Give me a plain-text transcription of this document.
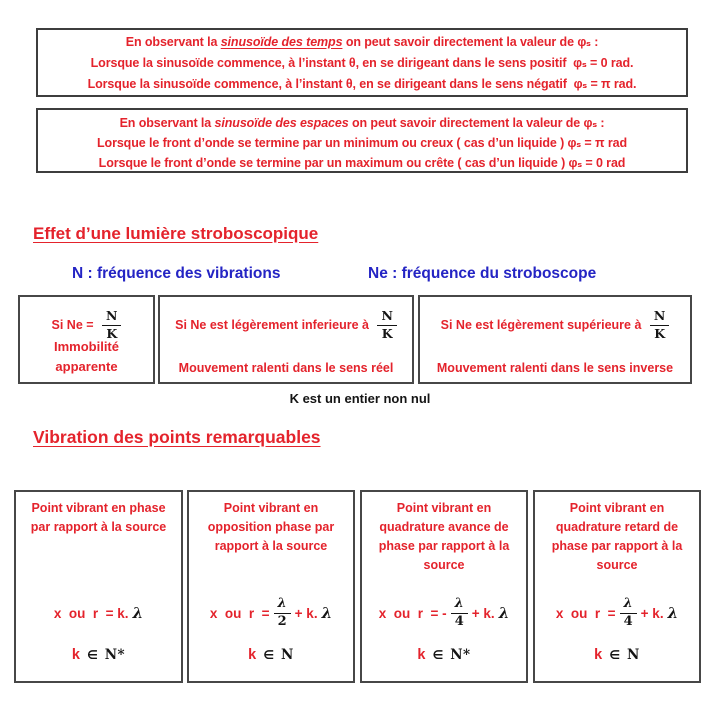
En observant la sinusoïde des temps on peut savoir directement la valeur de φₛ :
Lorsque la sinusoïde commence, à l’instant θ, en se dirigeant dans le sens positif  φₛ = 0 rad.
Lorsque la sinusoïde commence, à l’instant θ, en se dirigeant dans le sens négatif  φₛ = π rad.
En observant la sinusoïde des espaces on peut savoir directement la valeur de φₛ :
Lorsque le front d’onde se termine par un minimum ou creux ( cas d’un liquide ) φₛ = π rad
Lorsque le front d’onde se termine par un maximum ou crête ( cas d’un liquide ) φₛ = 0 rad
Effet d’une lumière stroboscopique
N : fréquence des vibrations	Ne : fréquence du stroboscope
Si $Ne = \frac{N}{K}$
Immobilité
apparente
Si Ne est légèrement inferieure à $\frac{N}{K}$
Mouvement ralenti dans le sens réel
Si Ne est légèrement supérieure à $\frac{N}{K}$
Mouvement ralenti dans le sens inverse
K est un entier non nul
Vibration des points remarquables
Point vibrant en phase par rapport à la source
x  ou  r  = k. λ
k ∈ N*
Point vibrant en opposition phase par rapport à la source
x  ou  $r = \frac{\lambda}{2} + k$. λ
k ∈ N
Point vibrant en quadrature avance de phase par rapport à la source
x  ou  r  = - $\frac{\lambda}{4} + k$. λ
k ∈ N*
Point vibrant en quadrature retard de phase par rapport à la source
x  ou  $r = \frac{\lambda}{4} + k$. λ
k ∈ N
